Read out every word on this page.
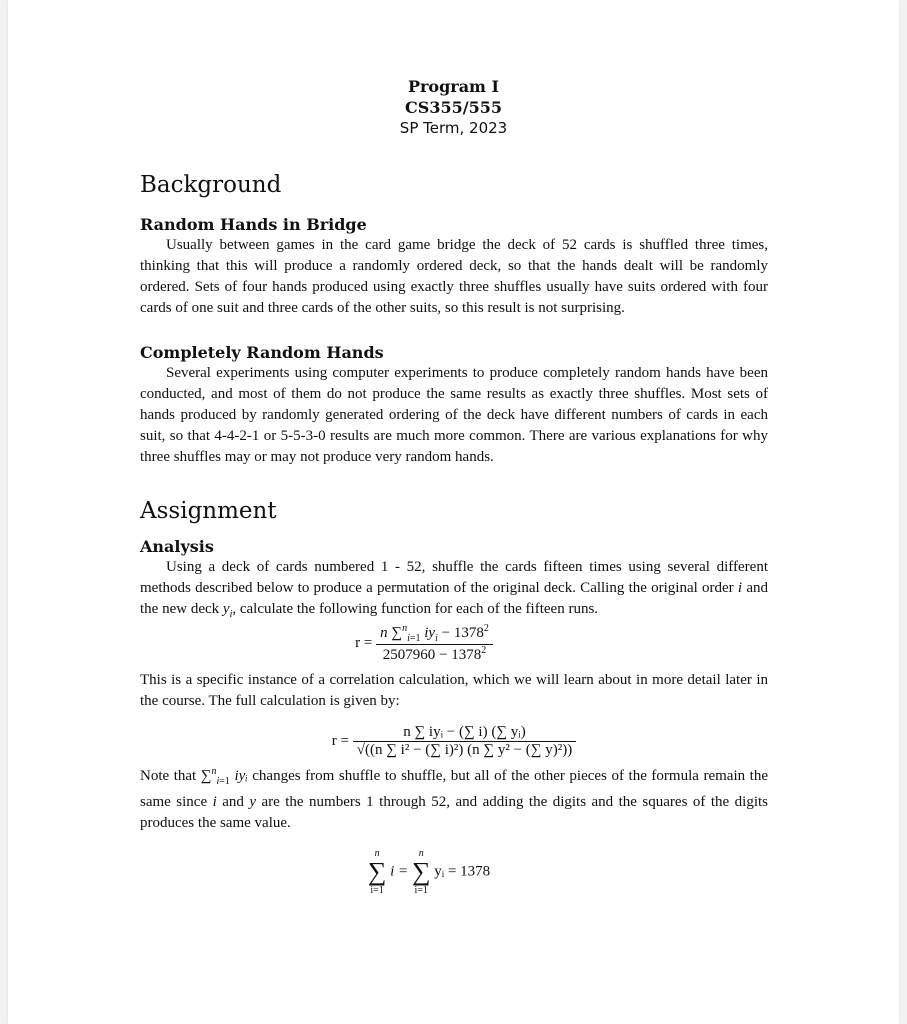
Program I
CS355/555
SP Term, 2023
Background
Random Hands in Bridge

Usually between games in the card game bridge the deck of 52 cards is shuffled three times, thinking that this will produce a randomly ordered deck, so that the hands dealt will be randomly ordered. Sets of four hands produced using exactly three shuffles usually have suits ordered with four cards of one suit and three cards of the other suits, so this result is not surprising.

Completely Random Hands

Several experiments using computer experiments to produce completely random hands have been conducted, and most of them do not produce the same results as exactly three shuffles. Most sets of hands produced by randomly generated ordering of the deck have different numbers of cards in each suit, so that 4-4-2-1 or 5-5-3-0 results are much more common. There are various explanations for why three shuffles may or may not produce very random hands.

Assignment
Analysis

Using a deck of cards numbered 1 - 52, shuffle the cards fifteen times using several different methods described below to produce a permutation of the original deck. Calling the original order i and the new deck $y_i$, calculate the following function for each of the fifteen runs.

$r = \frac{n \sum^n_{i=1} iy_i - 1378^2}{2507960 - 1378^2}$

This is a specific instance of a correlation calculation, which we will learn about in more detail later in the course. The full calculation is given by:

$r = \frac{\text{n ∑ iyᵢ − (∑ i) (∑ yᵢ)}}{\text{√((n ∑ i² − (∑ i)²) (n ∑ y² − (∑ y)²))}}$

Note that ∑$^n_{i=1}$ iyᵢ changes from shuffle to shuffle, but all of the other pieces of the formula remain the same since i and y are the numbers 1 through 52, and adding the digits and the squares of the digits produces the same value.

n
∑
i=1
i =
n
∑
i=1
yᵢ = 1378
